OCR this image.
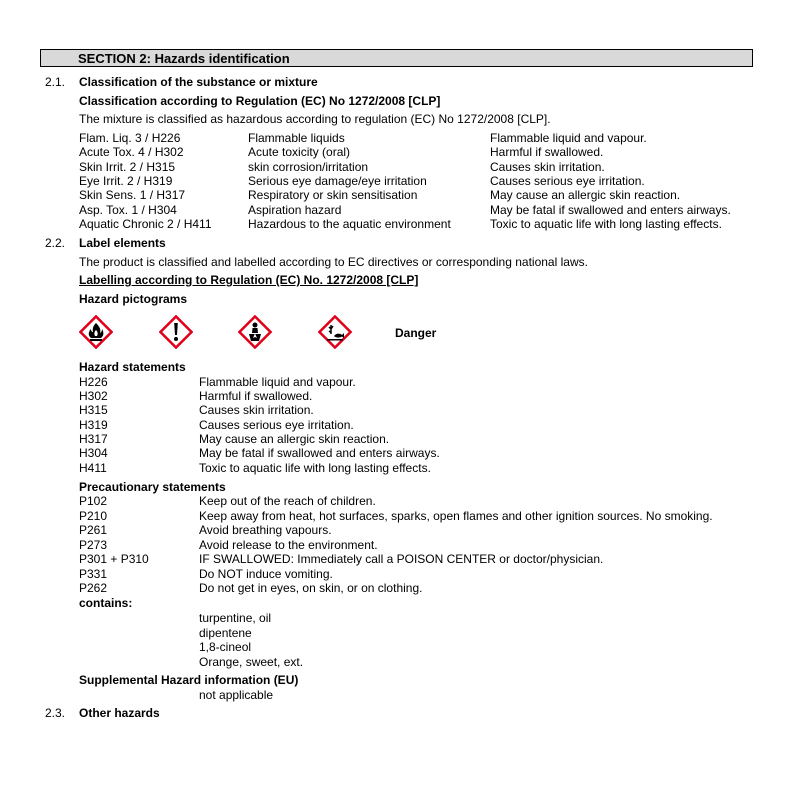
SECTION 2: Hazards identification
2.1. Classification of the substance or mixture
Classification according to Regulation (EC) No 1272/2008 [CLP]
The mixture is classified as hazardous according to regulation (EC) No 1272/2008 [CLP].
Flam. Liq. 3 / H226	Flammable liquids	Flammable liquid and vapour.
Acute Tox. 4 / H302	Acute toxicity (oral)	Harmful if swallowed.
Skin Irrit. 2 / H315	skin corrosion/irritation	Causes skin irritation.
Eye Irrit. 2 / H319	Serious eye damage/eye irritation	Causes serious eye irritation.
Skin Sens. 1 / H317	Respiratory or skin sensitisation	May cause an allergic skin reaction.
Asp. Tox. 1 / H304	Aspiration hazard	May be fatal if swallowed and enters airways.
Aquatic Chronic 2 / H411	Hazardous to the aquatic environment	Toxic to aquatic life with long lasting effects.
2.2. Label elements
The product is classified and labelled according to EC directives or corresponding national laws.
Labelling according to Regulation (EC) No. 1272/2008 [CLP]
Hazard pictograms
Danger
Hazard statements
H226	Flammable liquid and vapour.
H302	Harmful if swallowed.
H315	Causes skin irritation.
H319	Causes serious eye irritation.
H317	May cause an allergic skin reaction.
H304	May be fatal if swallowed and enters airways.
H411	Toxic to aquatic life with long lasting effects.
Precautionary statements
P102	Keep out of the reach of children.
P210	Keep away from heat, hot surfaces, sparks, open flames and other ignition sources. No smoking.
P261	Avoid breathing vapours.
P273	Avoid release to the environment.
P301 + P310	IF SWALLOWED: Immediately call a POISON CENTER or doctor/physician.
P331	Do NOT induce vomiting.
P262	Do not get in eyes, on skin, or on clothing.
contains:
turpentine, oil
dipentene
1,8-cineol
Orange, sweet, ext.
Supplemental Hazard information (EU)
not applicable
2.3. Other hazards
